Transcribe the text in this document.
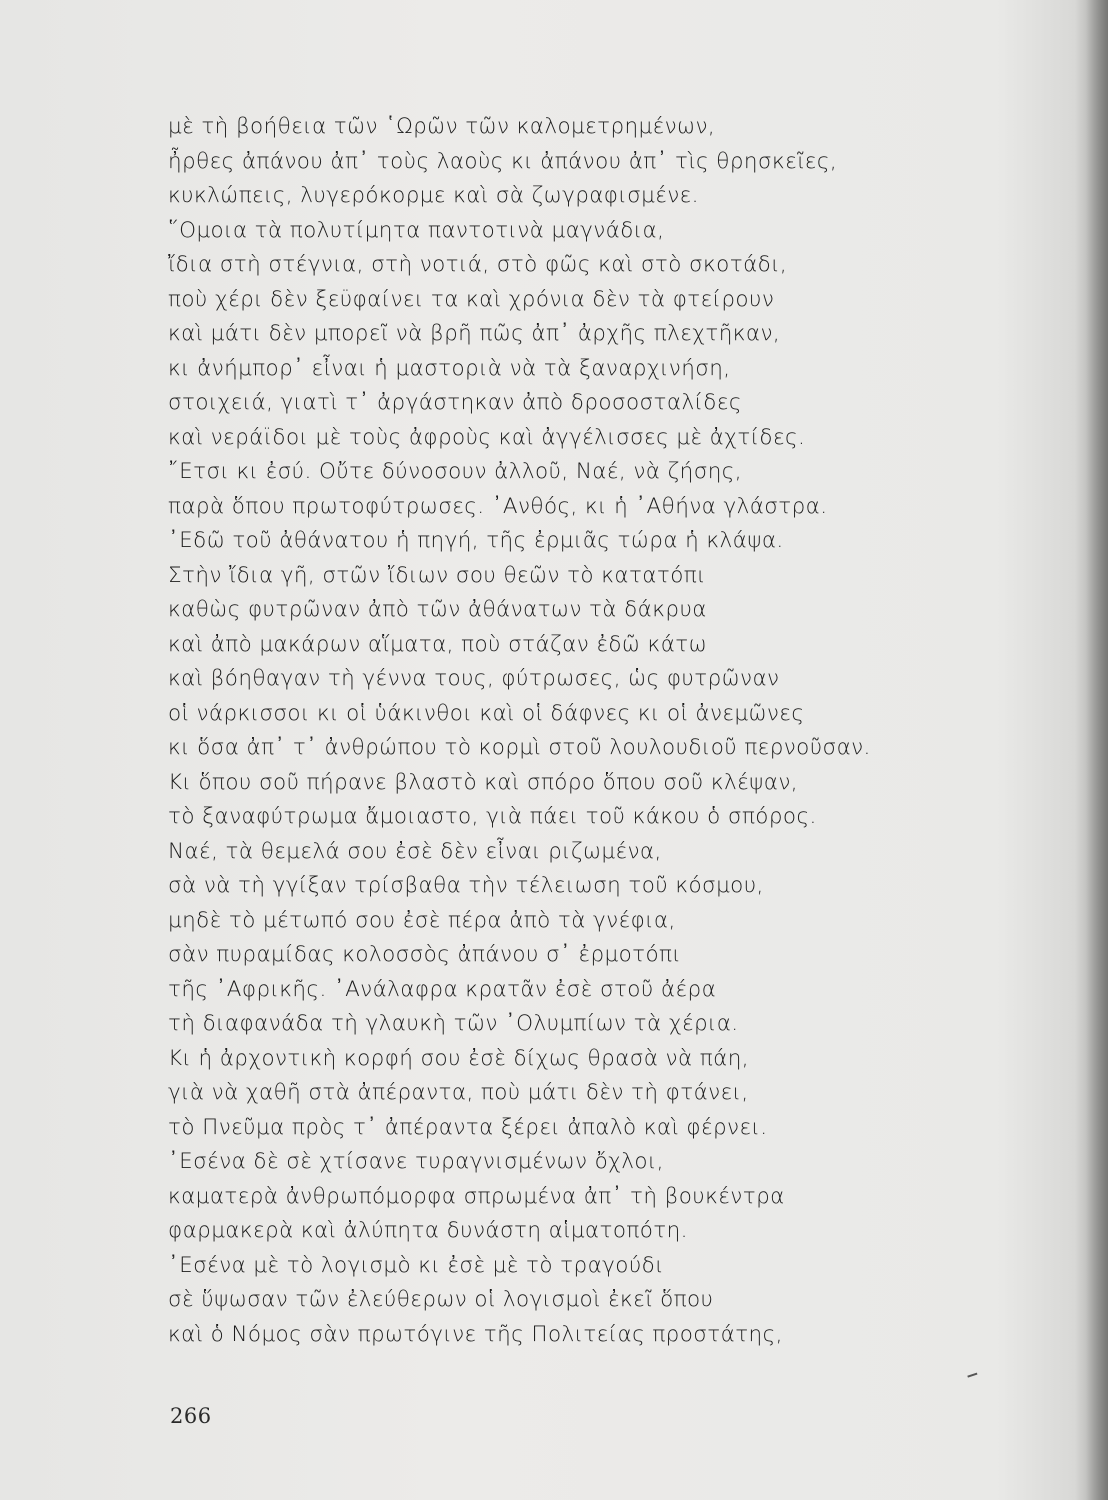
μὲ τὴ βοήθεια τῶν ῾Ωρῶν τῶν καλομετρημένων,
ἦρθες ἀπάνου ἀπ᾽ τοὺς λαοὺς κι ἀπάνου ἀπ᾽ τὶς θρησκεῖες,
κυκλώπεις, λυγερόκορμε καὶ σὰ ζωγραφισμένε.
῞Ομοια τὰ πολυτίμητα παντοτινὰ μαγνάδια,
ἴδια στὴ στέγνια, στὴ νοτιά, στὸ φῶς καὶ στὸ σκοτάδι,
ποὺ χέρι δὲν ξεϋφαίνει τα καὶ χρόνια δὲν τὰ φτείρουν
καὶ μάτι δὲν μπορεῖ νὰ βρῆ πῶς ἀπ᾽ ἀρχῆς πλεχτῆκαν,
κι ἀνήμπορ᾽ εἶναι ἡ μαστοριὰ νὰ τὰ ξαναρχινήση,
στοιχειά, γιατὶ τ᾽ ἀργάστηκαν ἀπὸ δροσοσταλίδες
καὶ νεράϊδοι μὲ τοὺς ἀφροὺς καὶ ἀγγέλισσες μὲ ἀχτίδες.
῎Ετσι κι ἐσύ. Οὔτε δύνοσουν ἀλλοῦ, Ναέ, νὰ ζήσης,
παρὰ ὅπου πρωτοφύτρωσες. ᾽Ανθός, κι ἡ ᾽Αθήνα γλάστρα.
᾽Εδῶ τοῦ ἀθάνατου ἡ πηγή, τῆς ἐρμιᾶς τώρα ἡ κλάψα.
Στὴν ἴδια γῆ, στῶν ἴδιων σου θεῶν τὸ κατατόπι
καθὼς φυτρῶναν ἀπὸ τῶν ἀθάνατων τὰ δάκρυα
καὶ ἀπὸ μακάρων αἵματα, ποὺ στάζαν ἐδῶ κάτω
καὶ βόηθαγαν τὴ γέννα τους, φύτρωσες, ὡς φυτρῶναν
οἱ νάρκισσοι κι οἱ ὑάκινθοι καὶ οἱ δάφνες κι οἱ ἀνεμῶνες
κι ὅσα ἀπ᾽ τ᾽ ἀνθρώπου τὸ κορμὶ στοῦ λουλουδιοῦ περνοῦσαν.
Κι ὅπου σοῦ πήρανε βλαστὸ καὶ σπόρο ὅπου σοῦ κλέψαν,
τὸ ξαναφύτρωμα ἄμοιαστο, γιὰ πάει τοῦ κάκου ὁ σπόρος.
Ναέ, τὰ θεμελά σου ἐσὲ δὲν εἶναι ριζωμένα,
σὰ νὰ τὴ γγίξαν τρίσβαθα τὴν τέλειωση τοῦ κόσμου,
μηδὲ τὸ μέτωπό σου ἐσὲ πέρα ἀπὸ τὰ γνέφια,
σὰν πυραμίδας κολοσσὸς ἀπάνου σ᾽ ἐρμοτόπι
τῆς ᾽Αφρικῆς. ᾽Ανάλαφρα κρατᾶν ἐσὲ στοῦ ἀέρα
τὴ διαφανάδα τὴ γλαυκὴ τῶν ᾽Ολυμπίων τὰ χέρια.
Κι ἡ ἀρχοντικὴ κορφή σου ἐσὲ δίχως θρασὰ νὰ πάη,
γιὰ νὰ χαθῆ στὰ ἀπέραντα, ποὺ μάτι δὲν τὴ φτάνει,
τὸ Πνεῦμα πρὸς τ᾽ ἀπέραντα ξέρει ἀπαλὸ καὶ φέρνει.
᾽Εσένα δὲ σὲ χτίσανε τυραγνισμένων ὄχλοι,
καματερὰ ἀνθρωπόμορφα σπρωμένα ἀπ᾽ τὴ βουκέντρα
φαρμακερὰ καὶ ἀλύπητα δυνάστη αἱματοπότη.
᾽Εσένα μὲ τὸ λογισμὸ κι ἐσὲ μὲ τὸ τραγούδι
σὲ ὕψωσαν τῶν ἐλεύθερων οἱ λογισμοὶ ἐκεῖ ὅπου
καὶ ὁ Νόμος σὰν πρωτόγινε τῆς Πολιτείας προστάτης,
266
